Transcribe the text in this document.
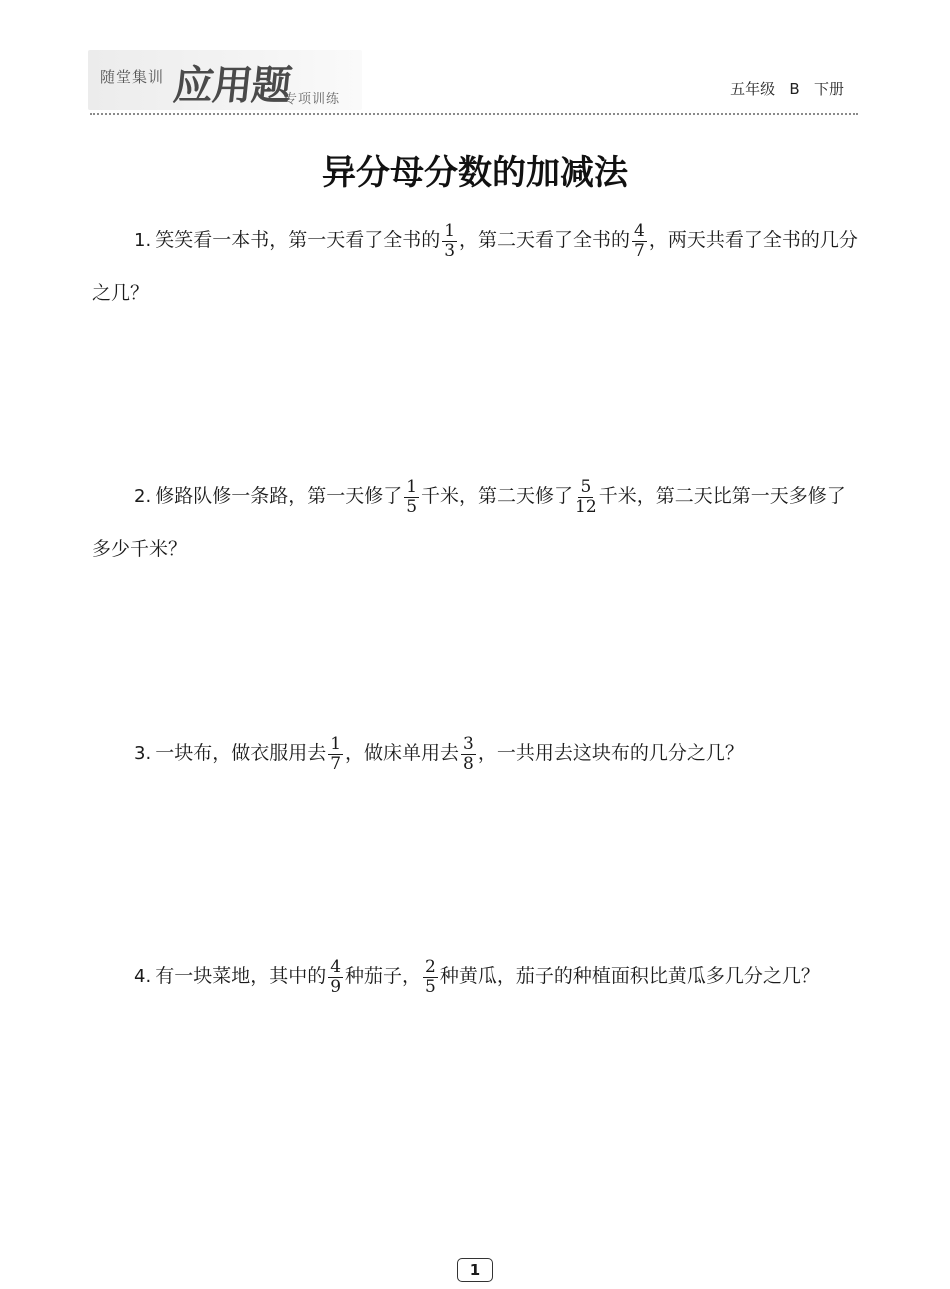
随堂集训 应用题
专项训练
五年级   B   下册
异分母分数的加减法
1. 笑笑看一本书，第一天看了全书的 $\frac{1}{3}$ ，第二天看了全书的 $\frac{4}{7}$ ，两天共看了全书的几分之几？
2. 修路队修一条路，第一天修了 $\frac{1}{5}$ 千米，第二天修了 $\frac{5}{12}$ 千米，第二天比第一天多修了多少千米？
3. 一块布，做衣服用去 $\frac{1}{7}$ ，做床单用去 $\frac{3}{8}$ ，一共用去这块布的几分之几？
4. 有一块菜地，其中的 $\frac{4}{9}$ 种茄子， $\frac{2}{5}$ 种黄瓜，茄子的种植面积比黄瓜多几分之几？
1
